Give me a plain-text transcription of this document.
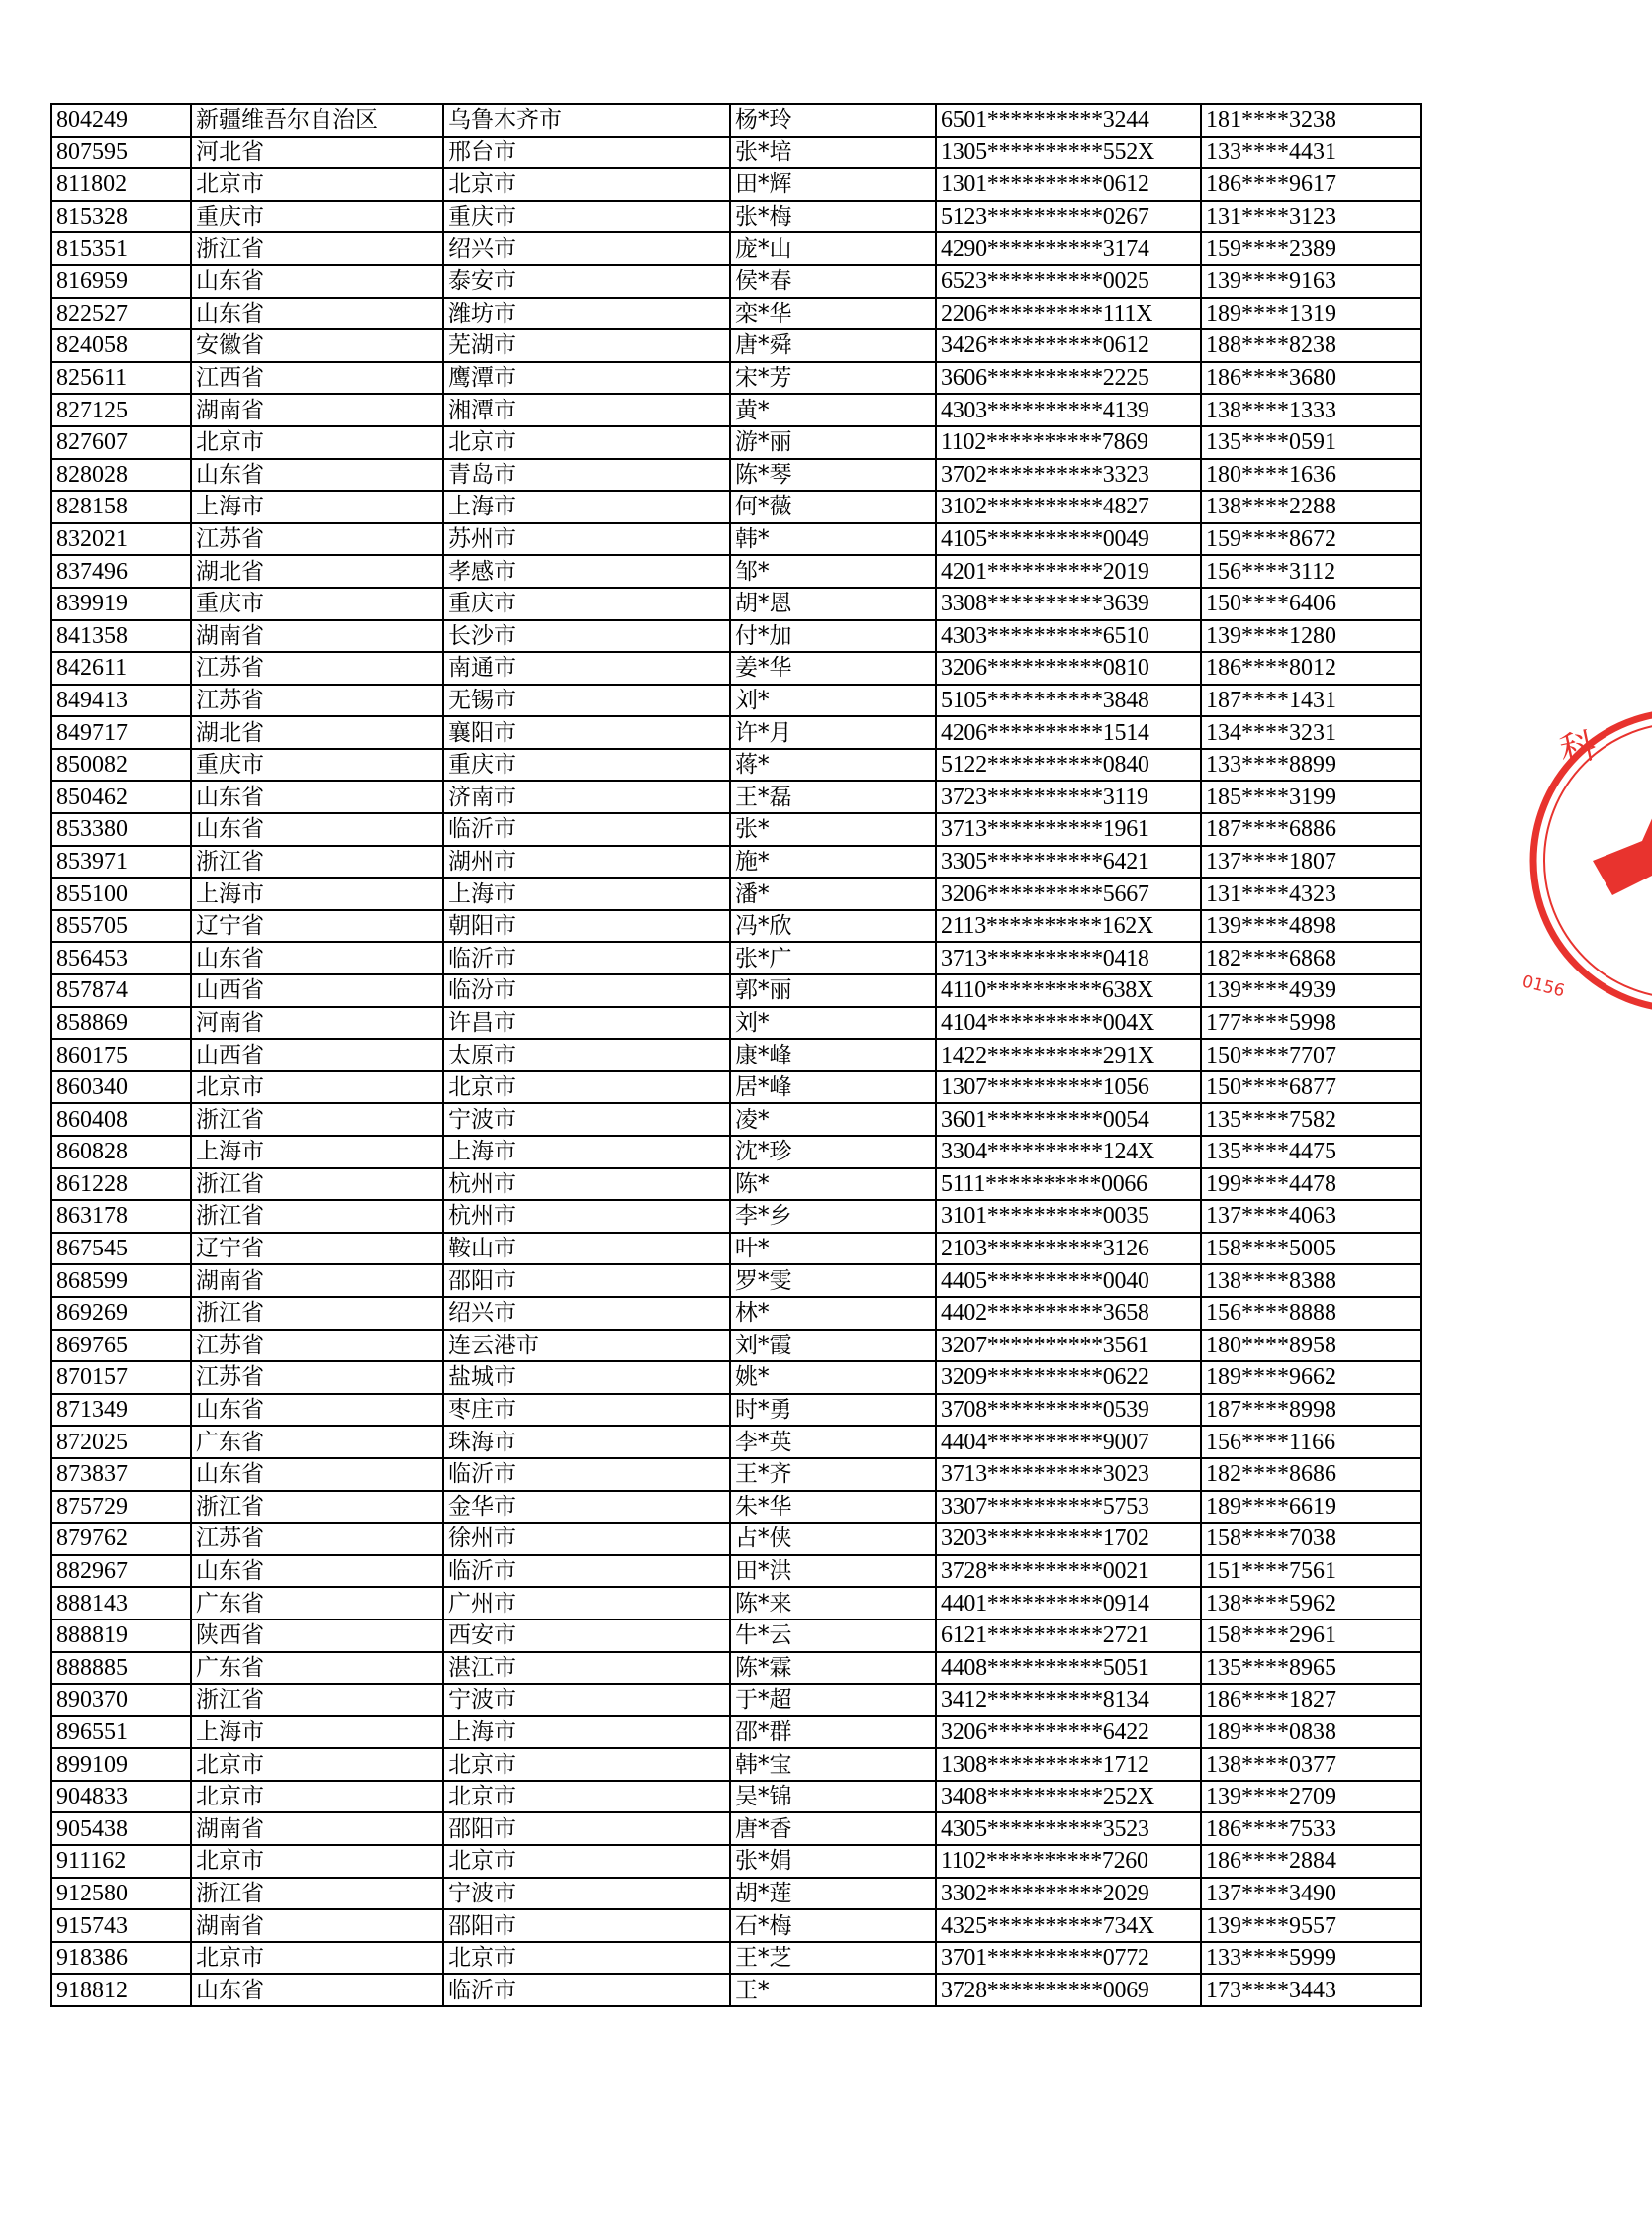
804249	新疆维吾尔自治区	乌鲁木齐市	杨*玲	6501**********3244	181****3238
807595	河北省	邢台市	张*培	1305**********552X	133****4431
811802	北京市	北京市	田*辉	1301**********0612	186****9617
815328	重庆市	重庆市	张*梅	5123**********0267	131****3123
815351	浙江省	绍兴市	庞*山	4290**********3174	159****2389
816959	山东省	泰安市	侯*春	6523**********0025	139****9163
822527	山东省	潍坊市	栾*华	2206**********111X	189****1319
824058	安徽省	芜湖市	唐*舜	3426**********0612	188****8238
825611	江西省	鹰潭市	宋*芳	3606**********2225	186****3680
827125	湖南省	湘潭市	黄*	4303**********4139	138****1333
827607	北京市	北京市	游*丽	1102**********7869	135****0591
828028	山东省	青岛市	陈*琴	3702**********3323	180****1636
828158	上海市	上海市	何*薇	3102**********4827	138****2288
832021	江苏省	苏州市	韩*	4105**********0049	159****8672
837496	湖北省	孝感市	邹*	4201**********2019	156****3112
839919	重庆市	重庆市	胡*恩	3308**********3639	150****6406
841358	湖南省	长沙市	付*加	4303**********6510	139****1280
842611	江苏省	南通市	姜*华	3206**********0810	186****8012
849413	江苏省	无锡市	刘*	5105**********3848	187****1431
849717	湖北省	襄阳市	许*月	4206**********1514	134****3231
850082	重庆市	重庆市	蒋*	5122**********0840	133****8899
850462	山东省	济南市	王*磊	3723**********3119	185****3199
853380	山东省	临沂市	张*	3713**********1961	187****6886
853971	浙江省	湖州市	施*	3305**********6421	137****1807
855100	上海市	上海市	潘*	3206**********5667	131****4323
855705	辽宁省	朝阳市	冯*欣	2113**********162X	139****4898
856453	山东省	临沂市	张*广	3713**********0418	182****6868
857874	山西省	临汾市	郭*丽	4110**********638X	139****4939
858869	河南省	许昌市	刘*	4104**********004X	177****5998
860175	山西省	太原市	康*峰	1422**********291X	150****7707
860340	北京市	北京市	居*峰	1307**********1056	150****6877
860408	浙江省	宁波市	凌*	3601**********0054	135****7582
860828	上海市	上海市	沈*珍	3304**********124X	135****4475
861228	浙江省	杭州市	陈*	5111**********0066	199****4478
863178	浙江省	杭州市	李*乡	3101**********0035	137****4063
867545	辽宁省	鞍山市	叶*	2103**********3126	158****5005
868599	湖南省	邵阳市	罗*雯	4405**********0040	138****8388
869269	浙江省	绍兴市	林*	4402**********3658	156****8888
869765	江苏省	连云港市	刘*霞	3207**********3561	180****8958
870157	江苏省	盐城市	姚*	3209**********0622	189****9662
871349	山东省	枣庄市	时*勇	3708**********0539	187****8998
872025	广东省	珠海市	李*英	4404**********9007	156****1166
873837	山东省	临沂市	王*齐	3713**********3023	182****8686
875729	浙江省	金华市	朱*华	3307**********5753	189****6619
879762	江苏省	徐州市	占*侠	3203**********1702	158****7038
882967	山东省	临沂市	田*洪	3728**********0021	151****7561
888143	广东省	广州市	陈*来	4401**********0914	138****5962
888819	陕西省	西安市	牛*云	6121**********2721	158****2961
888885	广东省	湛江市	陈*霖	4408**********5051	135****8965
890370	浙江省	宁波市	于*超	3412**********8134	186****1827
896551	上海市	上海市	邵*群	3206**********6422	189****0838
899109	北京市	北京市	韩*宝	1308**********1712	138****0377
904833	北京市	北京市	吴*锦	3408**********252X	139****2709
905438	湖南省	邵阳市	唐*香	4305**********3523	186****7533
911162	北京市	北京市	张*娟	1102**********7260	186****2884
912580	浙江省	宁波市	胡*莲	3302**********2029	137****3490
915743	湖南省	邵阳市	石*梅	4325**********734X	139****9557
918386	北京市	北京市	王*芝	3701**********0772	133****5999
918812	山东省	临沂市	王*	3728**********0069	173****3443
科
0156
